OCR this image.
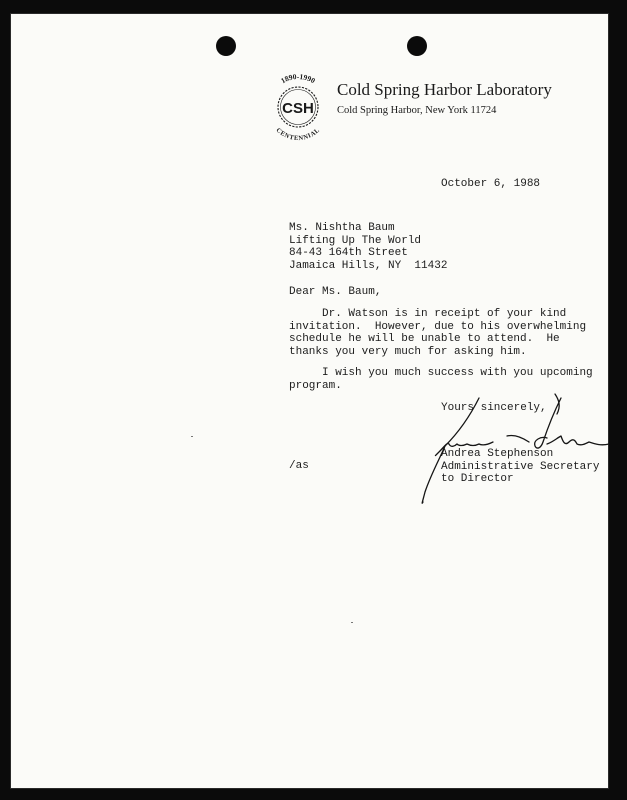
CSH
1890-1990
CENTENNIAL
Cold Spring Harbor Laboratory
Cold Spring Harbor, New York 11724
October 6, 1988
Ms. Nishtha Baum
Lifting Up The World
84-43 164th Street
Jamaica Hills, NY  11432
Dear Ms. Baum,
Dr. Watson is in receipt of your kind
invitation.  However, due to his overwhelming
schedule he will be unable to attend.  He
thanks you very much for asking him.
I wish you much success with you upcoming
program.
Yours sincerely,
Andrea Stephenson
Administrative Secretary
to Director
/as
